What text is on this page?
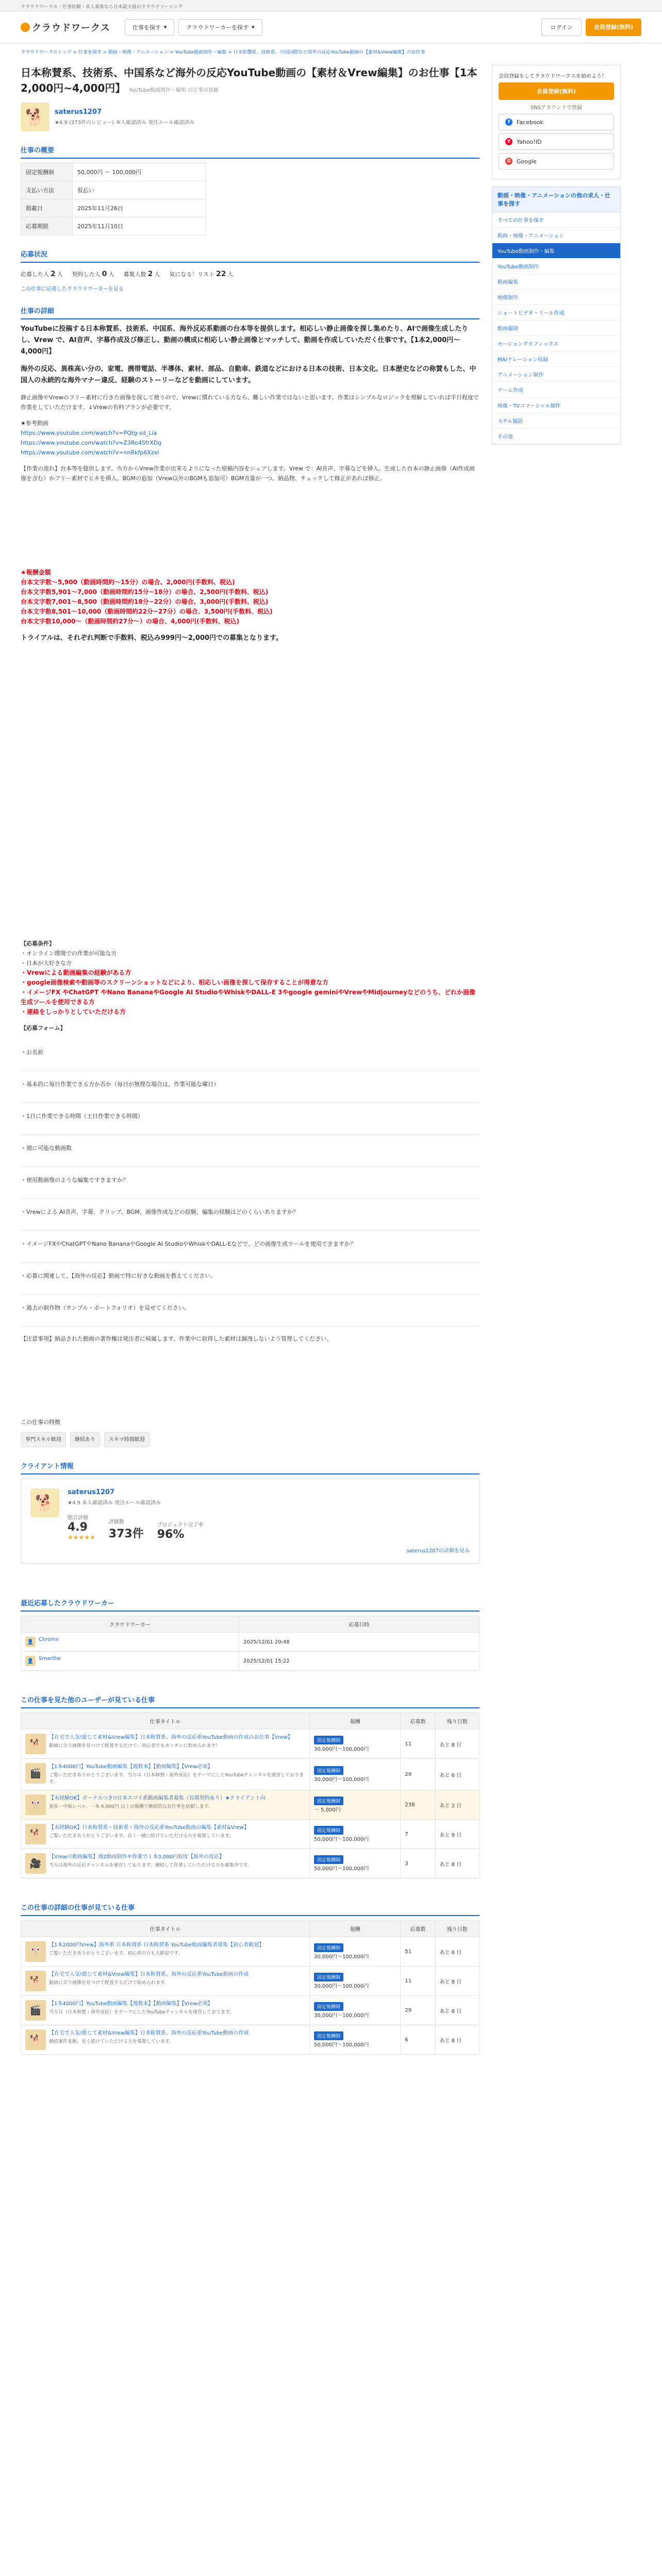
クラウドワークス・仕事依頼・求人募集なら日本最大級のクラウドソーシング
クラウドワークス	仕事を探す ▾	クラウドワーカーを探す ▾	ログイン	会員登録(無料)
クラウドワークストップ > 仕事を探す > 動画・映像・アニメーション > YouTube動画制作・編集 > 日本影響系、技術系、中国国際など海外の反応YouTube動画の【素材&Vrew編集】のお仕事
日本称賛系、技術系、中国系など海外の反応YouTube動画の【素材＆Vrew編集】のお仕事【1本2,000円~4,000円】 YouTube動画制作・編集 の仕事の依頼
🐕	saterus1207
★4.9 (373件のレビュー) 本人確認済み 発注ルール確認済み
仕事の概要
固定報酬制	50,000円 〜 100,000円
支払い方法	仮払い
掲載日	2025年11月26日
応募期限	2025年11月10日
応募状況
応募した人 2 人 契約した人 0 人 募集人数 2 人 気になる！リスト 22 人
この仕事に応募したクラウドワーカーを見る
仕事の詳細

YouTubeに投稿する日本称賛系、技術系、中国系、海外反応系動画の台本等を提供します。相応しい静止画像を探し集めたり、AIで画像生成したりし、Vrew で、AI音声、字幕作成及び修正し、動画の構成に相応しい静止画像とマッチして、動画を作成していただく仕事です。【1本2,000円〜4,000円】

海外の反応、異株高い分の、家電、携帯電話、半導体、素材、部品、自動車、鉄道などにおける日本の技術、日本文化、日本歴史などの称賛もした、中国人の永続的な海外マナー違反、経験のストーリーなどを動画にしています。

静止画像やVrewのフリー素材に行きた画像を探して使うので、Vrewに慣れている方なら、難しい作業ではないと思います。作業はシンプルなロジックを理解していれば半日程度で作業をしていただけます。↓Vrewの有料プランが必要です。

★参考動画
https://www.youtube.com/watch?v=PQtg-sd_Lia
https://www.youtube.com/watch?v=Z3Ro4SfrXDg
https://www.youtube.com/watch?v=nnRkfp6Xzxl

【作業の流れ】台本等を提供します。当方からVrew作業が出来るようになった原稿内容をシェアします。Vrew で：AI音声、字幕などを挿入。生成した台本の静止画像（AI作成画像を含む）かフリー素材でヒキを挿入。BGMの追加（Vrew以外のBGMも追加可）BGM音量が一つ。納品物、チェックして修正があれば修正。

★報酬金額
台本文字数～5,900（動画時間約〜15分）の場合、2,000円(手数料、税込)
台本文字数5,901～7,000（動画時間約15分~18分）の場合、2,500円(手数料、税込)
台本文字数7,001～8,500（動画時間約18分~22分）の場合、3,000円(手数料、税込)
台本文字数8,501～10,000（動画時間約22分~27分）の場合、3,500円(手数料、税込)
台本文字数10,000～（動画時間約27分〜）の場合、4,000円(手数料、税込)

トライアルは、それぞれ判断で手数料、税込み999円〜2,000円での募集となります。

【応募条件】
・オンライン環境での作業が可能な方
・日本が大好きな方
・Vrewによる動画編集の経験がある方
・google画像検索や動画等のスクリーンショットなどにより、相応しい画像を探して保存することが得意な方
・イメージFX やChatGPT やNano BananaやGoogle AI StudioやWhiskやDALL-E 3やgoogle geminiやVrewやMidjourneyなどのうち、どれか画像生成ツールを使用できる方
・連絡をしっかりとしていただける方

【応募フォーム】

・お名前
・基本的に毎日作業できる方か否か（毎日が無理な場合は、作業可能な曜日）
・1日に作業できる時間（土日作業できる時間）
・週に可能な動画数
・使用動画像のような編集ですきますか？
・Vrewによる AI音声、字幕、クリップ、BGM、画像作成などの経験、編集の経験はどのくらいありますか？
・イメージFXやChatGPTやNano BananaやGoogle AI StudioやWhiskやDALL-Eなどで、どの画像生成ツールを使用できますか？
・応募に関連して、【海外の反応】動画で特に好きな動画を教えてください。
・過去の制作物（サンプル・ポートフォリオ）を見せてください。

【注意事項】納品された動画の著作権は発注者に帰属します。作業中に取得した素材は漏洩しないよう管理してください。

この仕事の特徴
専門スキル歓迎	継続あり	スキマ時間歓迎
クライアント情報
🐕
saterus1207
★4.9 本人確認済み 発注ルール確認済み
総合評価
4.9
★★★★★
評価数
373件
プロジェクト完了率
96%
saterus1207の詳細を見る
最近応募したクラウドワーカー
クラウドワーカー	応募日時

👤 Chrome	2025/12/01 20:48

👤 Smarthe	2025/12/01 15:22
この仕事を見た他のユーザーが見ている仕事
仕事タイトル	報酬	応募数	残り日数

🐕
【在宅で人気!総じて素材&Vrew編集】日本称賛系、海外の反応系YouTube動画の作成のお仕事【Vrew】
動画に合う画像を見つけて配置するだけで、初心者でもカンタンに始められます！	固定報酬制
30,000円〜100,000円	11	あと 8 日

🎬
【1本4000円】YouTube動画編集【週数本】【動画編集】【Vrew必須】
ご覧いただきありがとうございます。当方は（日本称賛・海外反応）をテーマにしたYouTubeチャンネルを運営しております。	固定報酬制
30,000円〜100,000円	29	あと 6 日

🎌
【未経験OK】ボーナスつき!!日本スゴイ系動画編集者募集（長期契約あり）★クライアント向
初歩・中級レベル、一本 6,000円 以上の報酬で継続的なお仕事を依頼します。	固定報酬制
〜 5,000円	238	あと 2 日

🐕
【未経験OK】日本称賛系・技術系・海外の反応系YouTube動画の編集【素材&Vrew】
ご覧いただきありがとうございます。長く一緒に続けていただける方を募集しています。	固定報酬制
50,000円〜100,000円	7	あと 9 日

🎥
【Vrew可動画編集】週2動画制作や作業で１本3,000円程度【海外の反応】
当方は海外の反応チャンネルを運営しております。継続して作業していただける方を募集中です。	固定報酬制
50,000円〜100,000円	3	あと 8 日
この仕事の詳細の仕事が見ている仕事
仕事タイトル	報酬	応募数	残り日数

🎌
【1本2000円Vrew】海外系 日本称賛系 日本称賛系 YouTube動画編集者募集【初心者歓迎】
ご覧いただきありがとうございます。初心者の方も大歓迎です。	固定報酬制
30,000円〜100,000円	51	あと 6 日

🐕
【在宅で人気!総じて素材&Vrew編集】日本称賛系、海外の反応系YouTube動画の作成
動画に合う画像を見つけて配置するだけで始められます。	固定報酬制
30,000円〜100,000円	11	あと 8 日

🎬
【1本4000円】YouTube動画編集【週数本】【動画編集】【Vrew必須】
当方は（日本称賛・海外反応）をテーマにしたYouTubeチャンネルを運営しております。	固定報酬制
30,000円〜100,000円	29	あと 6 日

🐕
【在宅で人気!総じて素材&Vrew編集】日本称賛系、海外の反応系YouTube動画の作成
継続案件多数、長く続けていただける方を募集しています。	固定報酬制
50,000円〜100,000円	6	あと 8 日
会員登録をしてクラウドワークスを始めよう！
会員登録(無料)
SNSアカウントで登録
f	Facebook
Y	Yahoo!ID
G	Google
動画・映像・アニメーションの他の求人・仕事を探す
すべての仕事を探す
動画・映像・アニメーション
YouTube動画制作・編集
YouTube動画制作
動画編集
映像制作
ショートビデオ・リール作成
動画撮影
モーショングラフィックス
MA/ナレーション収録
アニメーション制作
ゲーム作成
映像・TVコマーシャル制作
スチル撮影
その他
